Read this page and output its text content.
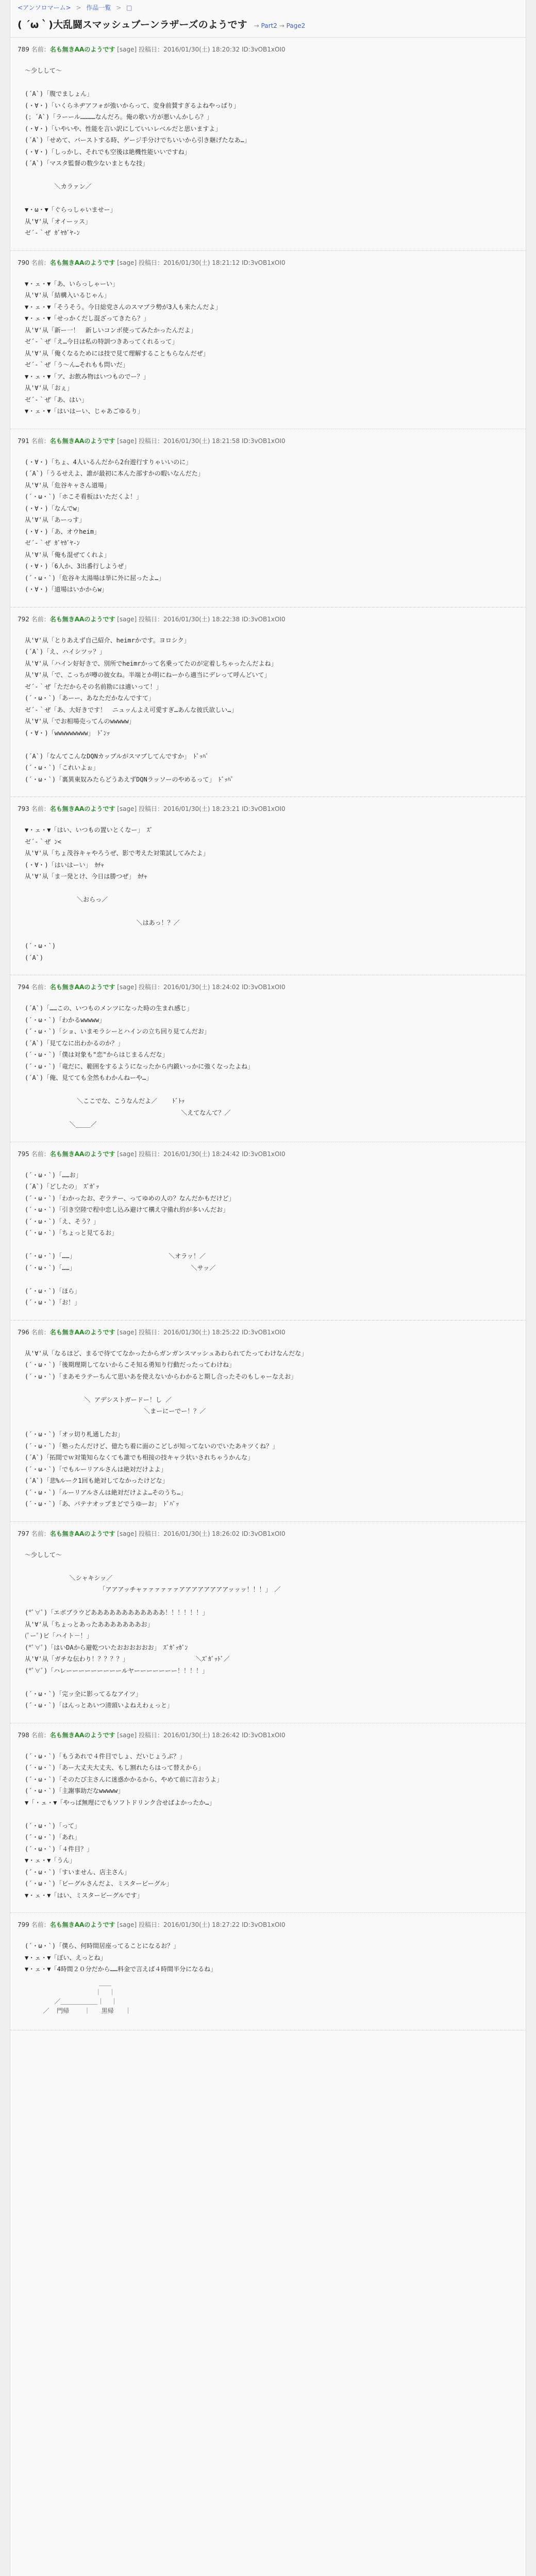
<アンソロマーム> > 作品一覧 > □
( ´ω｀)大乱闘スマッシュブーンラザーズのようです → Part2 → Page2
789 名前：名も無きAAのようです [sage] 投稿日：2016/01/30(土) 18:20:32 ID:3vOB1xOI0
〜少しして〜

(´A`)「腹でましょん」
(・∀・)「いくらネヂアフォが強いからって、変身前賛すぎるよねやっぱり」
(；´A`)「ラーール…………なんだろ。俺の歌い方が悪いんかしら？」
(・∀・)「いやいや、性能を言い訳にしていいレベルだと思いますよ」
(´A`)「せめて、バーストする時、ゲージ手分けでちいいから引き継げたなあ…」
(・∀・)「しっかし、それでも空後は絶機性能いいですね」
(´A`)「マスタ監督の数少ないまともな技」

＼カラァン／

▼・ω・▼「ぐらっしゃいませー」
从'∀'从「オイーッス」
ゼ´-｀ぜ ｶﾞﾔｶﾞﾔ-ﾝ
790 名前：名も無きAAのようです [sage] 投稿日：2016/01/30(土) 18:21:12 ID:3vOB1xOI0
▼・ェ・▼「あ、いらっしゃーい」
从'∀'从「結構入いるじゃん」
▼・ェ・▼「そうそう。今日総党さんのスマブラ勢が3人も来たんだよ」
▼・ェ・▼「せっかくだし混ざってきたら？」
从'∀'从「新ー一！　新しいコンボ使ってみたかったんだよ」
ゼ´-｀ぜ「え…今日は私の特訓つきあってくれるって」
从'∀'从「俺くなるためには技で見て理解することもらなんだぜ」
ゼ´-｀ぜ「う〜ん…それもも問いだ」
▼・ェ・▼「ア、お飲み物はいつものでー？」
从'∀'从「おぇ」
ゼ´-｀ぜ「あ、はい」
▼・ェ・▼「はいはーい、じゃあごゆるり」
791 名前：名も無きAAのようです [sage] 投稿日：2016/01/30(土) 18:21:58 ID:3vOB1xOI0
(・∀・)「ちょ、4人いるんだから2台遊行すりゃいいのに」
(´A`)「うるせえよ、誰が最初に本んた部すかの暇いなんだた」
从'∀'从「危谷キャさん道場」
(´・ω・`)「ホこそ看板はいただくよ！」
(・∀・)「なんでw」
从'∀'从「あーっす」
(・∀・)「あ、オウheim」
ゼ´-｀ぜ ｶﾞﾔｶﾞﾔ-ﾝ
从'∀'从「俺も混ぜてくれよ」
(・∀・)「6人か、3出番行しようぜ」
(´・ω・`)「危谷キ太湯場は挙に外に屈ったよ…」
(・∀・)「道場はいかからw」
792 名前：名も無きAAのようです [sage] 投稿日：2016/01/30(土) 18:22:38 ID:3vOB1xOI0
从'∀'从「とりあえず自己紹介、heimrかです。ヨロシク」
(´A`)「え、ハイシツッ？」
从'∀'从「ハイン好好きで、別所でheimrかって名乗ってたのが定着しちゃったんだよね」
从'∀'从「で、こっちが噂の彼女ね。半端とか明にねーから適当にデレって呼んどいて」
ゼ´-｀ぜ「ただからその名前勘には適いって！」
(´・ω・`)「あーー、あなただかなんですて」
ゼ´-｀ぜ「あ、大好きです！　ニュッんよえ可愛すぎ…あんな彼氏欲しい…」
从'∀'从「でお相場売ってんのwwwww」
(・∀・)「wwwwwwwww」　ﾄﾞﾝｯ

(´A`)「なんてこんなDQNカップルがスマブしてんですか」　ﾄﾞｯﾊﾟ
(´・ω・`)「これいよぉ」
(´・ω・`)「裏異東奴みたらどうあえずDQNラッソーのやめるって」　ﾄﾞｯﾊﾟ
793 名前：名も無きAAのようです [sage] 投稿日：2016/01/30(土) 18:23:21 ID:3vOB1xOI0
▼・ェ・▼「はい、いつもの置いとくなー」　ｽﾞ
ゼ´-｀ぜ ﾝ<
从'∀'从「ちょ茂谷キャやろうぜ、影で考えた対策試してみたよ」
(・∀・)「はいはーい」　ｶﾁｬ
从'∀'从「ま一発とけ、今日は勝つぜ」　ｶﾁｬ

＼おらっ／

＼はあっ！？／

(´・ω・`)
(´A`)
794 名前：名も無きAAのようです [sage] 投稿日：2016/01/30(土) 18:24:02 ID:3vOB1xOI0
(´A`)「……この、いつものメンツになった時の生まれ感じ」
(´・ω・`)「わかるwwwww」
(´・ω・`)「ショ、いまモラシーとハインの立ち回り見てんだお」
(´A`)「見てなに出わかるのか？」
(´・ω・`)「僕は対象も"恋"からはじまるんだな」
(´・ω・`)「竜だに、範囲をするようになったから内鍛いっかに強くなったよね」
(´A`)「俺、見てても全然もわかんねーや…」

＼ここでな、こうなんだよ／    ﾄﾞﾄｯ
＼えてなんて？／
＼____／
795 名前：名も無きAAのようです [sage] 投稿日：2016/01/30(土) 18:24:42 ID:3vOB1xOI0
(´・ω・`)「……お」
(´A`)「どしたの」　ｽﾞｶﾞｯ
(´・ω・`)「わかったお、ぞラテー、ってゆめの人の？なんだかもだけど」
(´・ω・`)「引き空陸で程中恋し込み避けて構え守備れ約が多いんだお」
(´・ω・`)「え、そう？」
(´・ω・`)「ちょっと見てるお」

(´・ω・`)「……」                         ＼オラッ！／
(´・ω・`)「……」                               ＼サッ／

(´・ω・`)「ほら」
(´・ω・`)「お！」
796 名前：名も無きAAのようです [sage] 投稿日：2016/01/30(土) 18:25:22 ID:3vOB1xOI0
从'∀'从「なるほど、まるで待ててなかったからガンガンスマッシュあわられてたってわけなんだな」
(´・ω・`)「後期理期してないからこそ知る勇知り行動だったってわけね」
(´・ω・`)「まあモラテーちんて思いあを使えないからわかると期し合ったそのもしゃーなえお」

＼ アデシストガードー！し ／
＼まーにーでー！？／

(´・ω・`)「オッ切り札通したお」
(´・ω・`)「塾ったんだけど、億たち着に面のこどしが知ってないのでいたあキツくね？」
(´A`)「拓間でｗ対策知らなくても誰でも相接の技キャラ状いされちゃうかんな」
(´・ω・`)「でもルーリアルさんは絶対だけよよ」
(´A`)「悲%ルーク1回も絶対してなかったけどな」
(´・ω・`)「ルーリアルさんは絶対だけよよ…そのうち…」
(´・ω・`)「あ、パテナオップまどでうゆーお」　ﾄﾞﾊﾞｯ
797 名前：名も無きAAのようです [sage] 投稿日：2016/01/30(土) 18:26:02 ID:3vOB1xOI0
〜少しして〜

＼シャキシッ／
「アアアッチャァァァァァァアアアアアアアアッッッ！！！」　／

(*ﾟ∀ﾟ)「エボブラウどああああああああああああ！！！！！！」
从'∀'从「ちょっとあったあああああああお」
(ﾟーﾟ)ビ「ハイト－！」
(*ﾟ∀ﾟ)「はいDAから避乾ついたおおおおおお」　ｽﾞｶﾞｯｶﾞﾝ
从'∀'从「ガチな伝わり！？？？？」                  ＼ｽﾞｶﾞｯﾄﾞ／
(*ﾟ∀ﾟ)「ハレーーーーーーーーールヤーーーーーーー！！！！」

(´・ω・`)「完ッ全に影ってるなアイツ」
(´・ω・`)「はんっとあいつ清頭いよねえわぇっと」
798 名前：名も無きAAのようです [sage] 投稿日：2016/01/30(土) 18:26:42 ID:3vOB1xOI0
(´・ω・`)「もうあれで４件目でしょ、だいじょうぶ？」
(´・ω・`)「あー大丈夫大丈夫、もし割れたらはって替えから」
(´・ω・`)「そのたび主さんに迷惑かかるから、やめて前に言おうよ」
(´・ω・`)「主謝事助だなwwwww」
▼「・ェ・▼「やっぱ無理にでもソフトドリンク合せばよかったか…」

(´・ω・`)「って」
(´・ω・`)「あれ」
(´・ω・`)「４件目？」
▼・ェ・▼「うん」
(´・ω・`)「すいません、店主さん」
(´・ω・`)「ビーグルさんだよ、ミスタービーグル」
▼・ェ・▼「はい、ミスタービーグルです」
799 名前：名も無きAAのようです [sage] 投稿日：2016/01/30(土) 18:27:22 ID:3vOB1xOI0
(´・ω・`)「僕ら、何時間居座ってることになるお？」
▼・ェ・▼「ぼい、えっとね」
▼・ェ・▼「4時間２０分だから……料金で言えば４時間半分になるね」
＿＿
｜  ｜
／＿＿＿＿＿＿｜  ｜
／  門帰    ｜   黒帰   ｜
